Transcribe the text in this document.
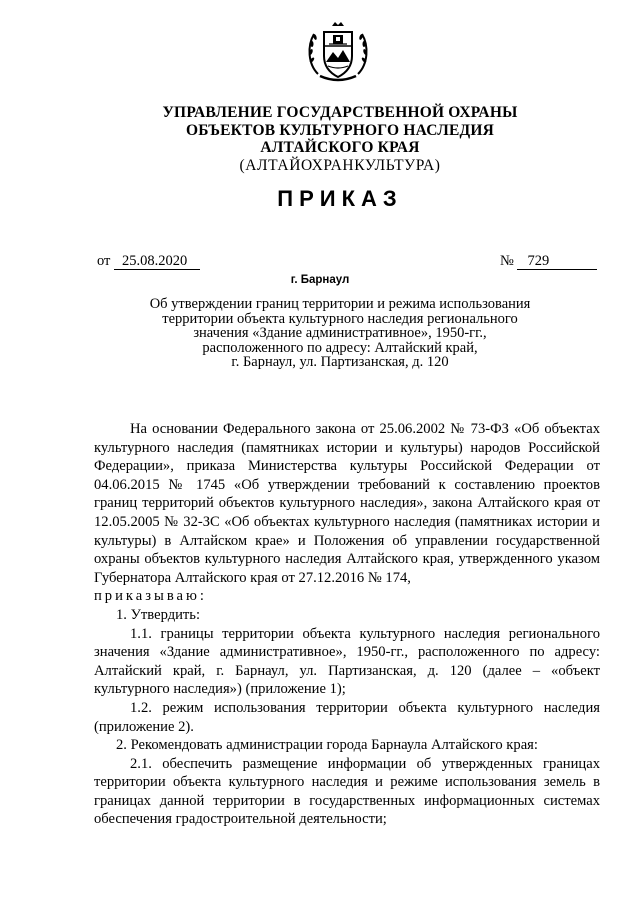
УПРАВЛЕНИЕ ГОСУДАРСТВЕННОЙ ОХРАНЫ
ОБЪЕКТОВ КУЛЬТУРНОГО НАСЛЕДИЯ
АЛТАЙСКОГО КРАЯ
(АЛТАЙОХРАНКУЛЬТУРА)
ПРИКАЗ
от 25.08.2020	№ 729
г. Барнаул
Об утверждении границ территории и режима использования
территории объекта культурного наследия регионального
значения «Здание административное», 1950-гг.,
расположенного по адресу: Алтайский край,
г. Барнаул, ул. Партизанская, д. 120

На основании Федерального закона от 25.06.2002 № 73-ФЗ «Об объектах культурного наследия (памятниках истории и культуры) народов Российской Федерации», приказа Министерства культуры Российской Федерации от 04.06.2015 № 1745 «Об утверждении требований к составлению проектов границ территорий объектов культурного наследия», закона Алтайского края от 12.05.2005 № 32-ЗС «Об объектах культурного наследия (памятниках истории и культуры) в Алтайском крае» и Положения об управлении государственной охраны объектов культурного наследия Алтайского края, утвержденного указом Губернатора Алтайского края от 27.12.2016 № 174,

приказываю:

1. Утвердить:

1.1. границы территории объекта культурного наследия регионального значения «Здание административное», 1950-гг., расположенного по адресу: Алтайский край, г. Барнаул, ул. Партизанская, д. 120 (далее – «объект культурного наследия») (приложение 1);

1.2. режим использования территории объекта культурного наследия (приложение 2).

2. Рекомендовать администрации города Барнаула Алтайского края:

2.1. обеспечить размещение информации об утвержденных границах территории объекта культурного наследия и режиме использования земель в границах данной территории в государственных информационных системах обеспечения градостроительной деятельности;
